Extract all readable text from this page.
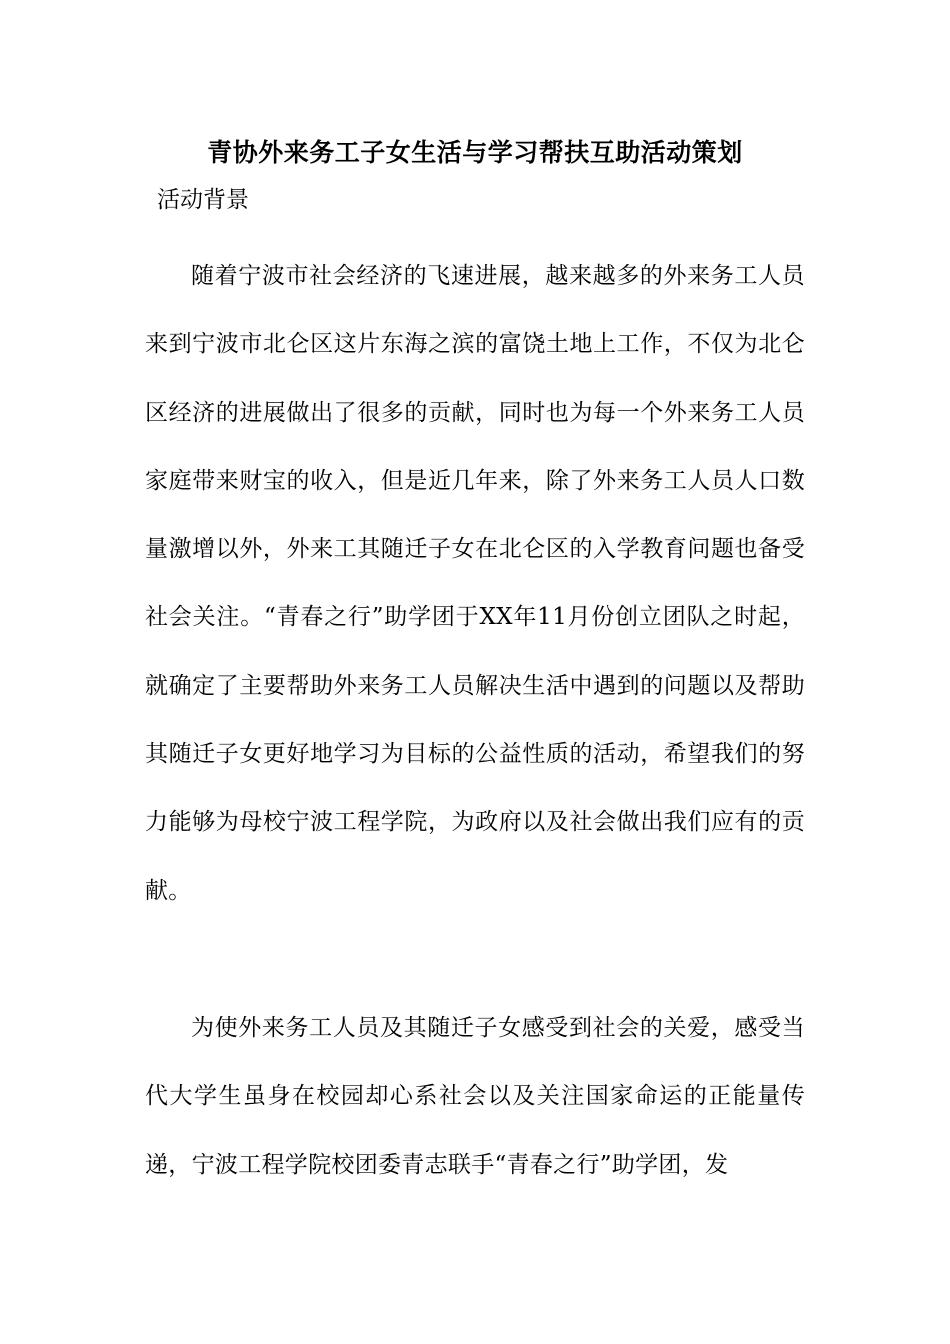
青协外来务工子女生活与学习帮扶互助活动策划
活动背景

随着宁波市社会经济的飞速进展，越来越多的外来务工人员来到宁波市北仑区这片东海之滨的富饶土地上工作，不仅为北仑区经济的进展做出了很多的贡献，同时也为每一个外来务工人员家庭带来财宝的收入，但是近几年来，除了外来务工人员人口数量激增以外，外来工其随迁子女在北仑区的入学教育问题也备受社会关注。“青春之行”助学团于XX年11月份创立团队之时起，就确定了主要帮助外来务工人员解决生活中遇到的问题以及帮助其随迁子女更好地学习为目标的公益性质的活动，希望我们的努力能够为母校宁波工程学院，为政府以及社会做出我们应有的贡献。

为使外来务工人员及其随迁子女感受到社会的关爱，感受当代大学生虽身在校园却心系社会以及关注国家命运的正能量传递，宁波工程学院校团委青志联手“青春之行”助学团，发
